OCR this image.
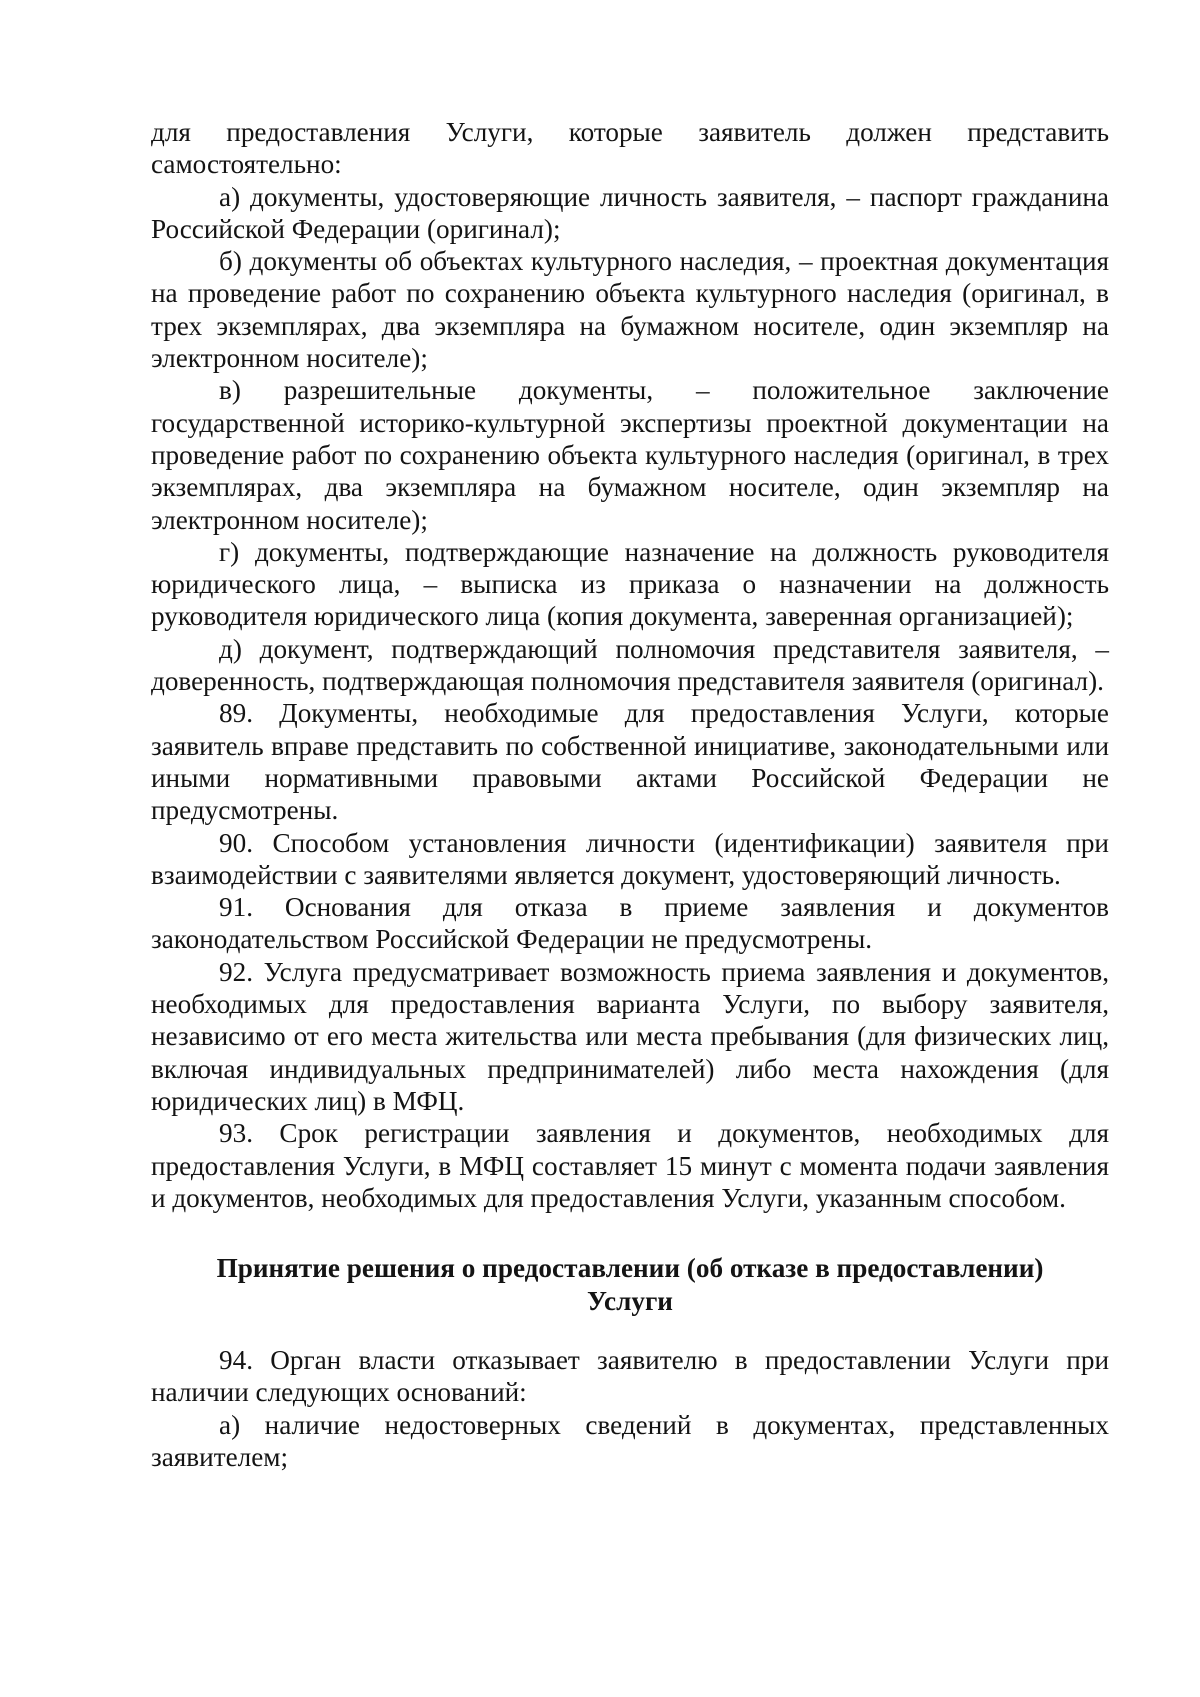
для предоставления Услуги, которые заявитель должен представить самостоятельно:

а) документы, удостоверяющие личность заявителя, – паспорт гражданина Российской Федерации (оригинал);

б) документы об объектах культурного наследия, – проектная документация на проведение работ по сохранению объекта культурного наследия (оригинал, в трех экземплярах, два экземпляра на бумажном носителе, один экземпляр на электронном носителе);

в) разрешительные документы, – положительное заключение государственной историко-культурной экспертизы проектной документации на проведение работ по сохранению объекта культурного наследия (оригинал, в трех экземплярах, два экземпляра на бумажном носителе, один экземпляр на электронном носителе);

г) документы, подтверждающие назначение на должность руководителя юридического лица, – выписка из приказа о назначении на должность руководителя юридического лица (копия документа, заверенная организацией);

д) документ, подтверждающий полномочия представителя заявителя, – доверенность, подтверждающая полномочия представителя заявителя (оригинал).

89. Документы, необходимые для предоставления Услуги, которые заявитель вправе представить по собственной инициативе, законодательными или иными нормативными правовыми актами Российской Федерации не предусмотрены.

90. Способом установления личности (идентификации) заявителя при взаимодействии с заявителями является документ, удостоверяющий личность.

91. Основания для отказа в приеме заявления и документов законодательством Российской Федерации не предусмотрены.

92. Услуга предусматривает возможность приема заявления и документов, необходимых для предоставления варианта Услуги, по выбору заявителя, независимо от его места жительства или места пребывания (для физических лиц, включая индивидуальных предпринимателей) либо места нахождения (для юридических лиц) в МФЦ.

93. Срок регистрации заявления и документов, необходимых для предоставления Услуги, в МФЦ составляет 15 минут с момента подачи заявления и документов, необходимых для предоставления Услуги, указанным способом.

Принятие решения о предоставлении (об отказе в предоставлении)
Услуги

94. Орган власти отказывает заявителю в предоставлении Услуги при наличии следующих оснований:

а) наличие недостоверных сведений в документах, представленных заявителем;
